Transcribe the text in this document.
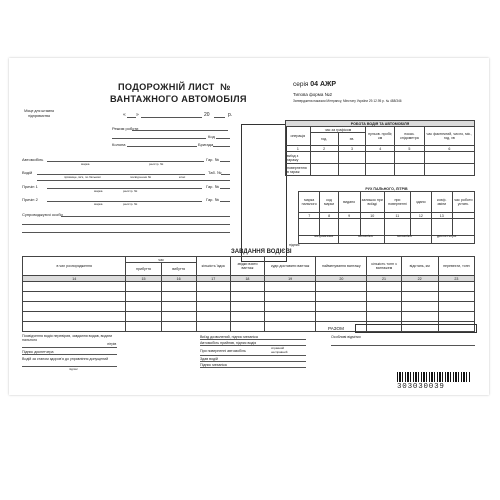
Місце для штампа підприємства
ПОДОРОЖНІЙ ЛИСТ №
ВАНТАЖНОГО АВТОМОБІЛЯ
« »	20	р.
серія 04 АЖР
Типова форма №2
Затверджена наказом Мінтрансу, Мінстату України 29.12.95 р. № 488/346
Режим роботи
Код
Колона	Бригада
Автомобіль
марка	реєстр. №
Гар. №
Водій
прізвище, ім'я, по батькові	посвідчення №	клас
Таб. №
Причіп 1
марка	реєстр. №
Гар. №
Причіп 2
марка	реєстр. №
Гар. №
Супроводжуючі особи
РОБОТА ВОДІЯ ТА АВТОМОБІЛЯ					
операція	час за графіком		нульов. пробіг, км	показ. спідометра	час фактичний, число, міс., год, хв
	год.	хв.			
1	2	3	4	5	6
виїзд з гаражу					
повернення в гараж					
РУХ ПАЛЬНОГО, ЛІТРІВ							
марка пального	код марки	видано	залишок при виїзді	при поверненні	здано	коєф. зміни	час роботи устатк.
7	8	9	10	11	12	13	

заправника	механіка	механіка	диспетчера
підпис
ЗАВДАННЯ ВОДІЄВІ
в чиє розпорядження	час		кількість їздок	звідки взяти вантаж	куди доставити вантаж	найменування вантажу	кількість тонн з вантажем	відстань, км	перевезти, тонн
	прибуття	вибуття							
14	15	16	17	18	19	20	21	22	23

РАЗОМ
Посвідчення водія перевірив, завдання видав, видати пального
літрів
Підпис диспетчера
Водій за станом здоров'я до управління допущений
підпис
Виїзд дозволений, підпис механіка
Автомобіль прийняв, підпис водія
При поверненні автомобіль
справний
несправний
Здав водій
Підпис механіка
Особливі відмітки
303030039
